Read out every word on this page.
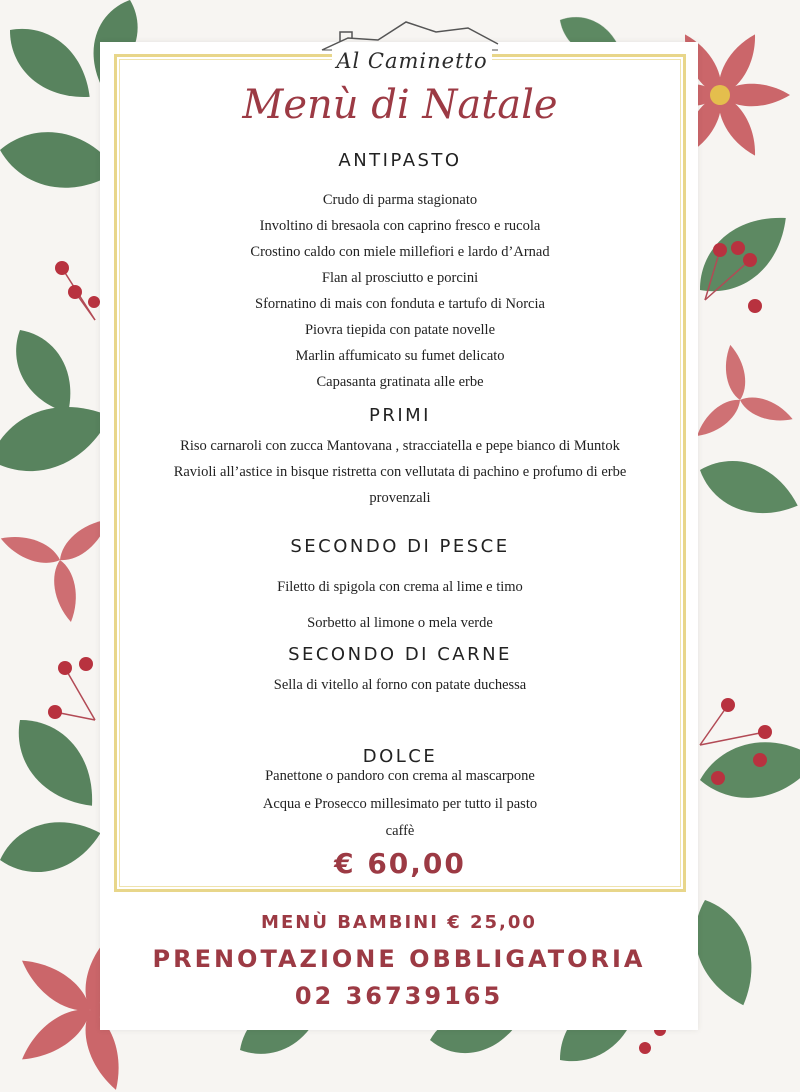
Al Caminetto
Menù di Natale
ANTIPASTO
Crudo di parma stagionato
Involtino di bresaola con caprino fresco e rucola
Crostino caldo con miele millefiori e lardo d’Arnad
Flan al prosciutto e porcini
Sfornatino di mais con fonduta e tartufo di Norcia
Piovra tiepida con patate novelle
Marlin affumicato su fumet delicato
Capasanta gratinata alle erbe
PRIMI
Riso carnaroli con zucca Mantovana , stracciatella e pepe bianco di Muntok
Ravioli all’astice in bisque ristretta con vellutata di pachino e profumo di erbe
provenzali
SECONDO DI PESCE
Filetto di spigola con crema al lime e timo
Sorbetto al limone o mela verde
SECONDO DI CARNE
Sella di vitello al forno con patate duchessa
DOLCE
Panettone o pandoro con crema al mascarpone
Acqua e Prosecco millesimato per tutto il pasto
caffè
€ 60,00
MENÙ BAMBINI € 25,00
PRENOTAZIONE OBBLIGATORIA
02 36739165
